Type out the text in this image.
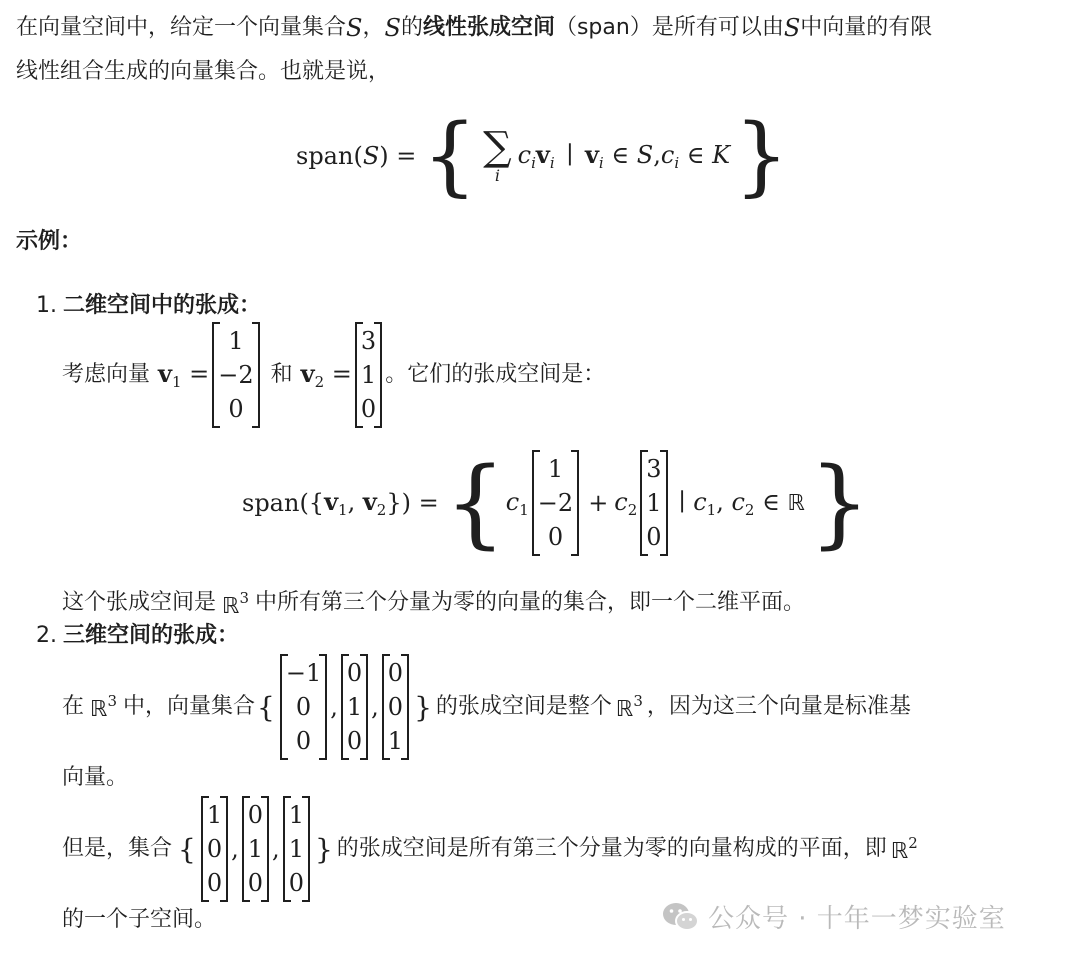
在向量空间中，给定一个向量集合 S ， S 的 线性张成空间 （span）是所有可以由 S 中向量的有限
线性组合生成的向量集合。也就是说，
span( S ) = { ∑
i
$c_iv_i$ ∣ $v_i$ ∈ $S,c_i$ ∈ K }
示例：
1. 二维空间中的张成：
考虑向量 $v_1$ =
1
−2
0
和 $v_2$ =
3
1
0
。它们的张成空间是：
span({ $v_1$, $v_2$ }) = { $c_1$
1
−2
0
+ $c_2$
3
1
0
∣ $c_1$, $c_2$ ∈ ℝ }
这个张成空间是 ℝ$^3$ 中所有第三个分量为零的向量的集合，即一个二维平面。
2. 三维空间的张成：
在 ℝ$^3$ 中，向量集合 {
−1
0
0
,
0
1
0
,
0
0
1
} 的张成空间是整个 ℝ$^3$ ，因为这三个向量是标准基
向量。
但是，集合 {
1
0
0
,
0
1
0
,
1
1
0
} 的张成空间是所有第三个分量为零的向量构成的平面，即 ℝ$^2$
的一个子空间。	公众号 · 十年一梦实验室
